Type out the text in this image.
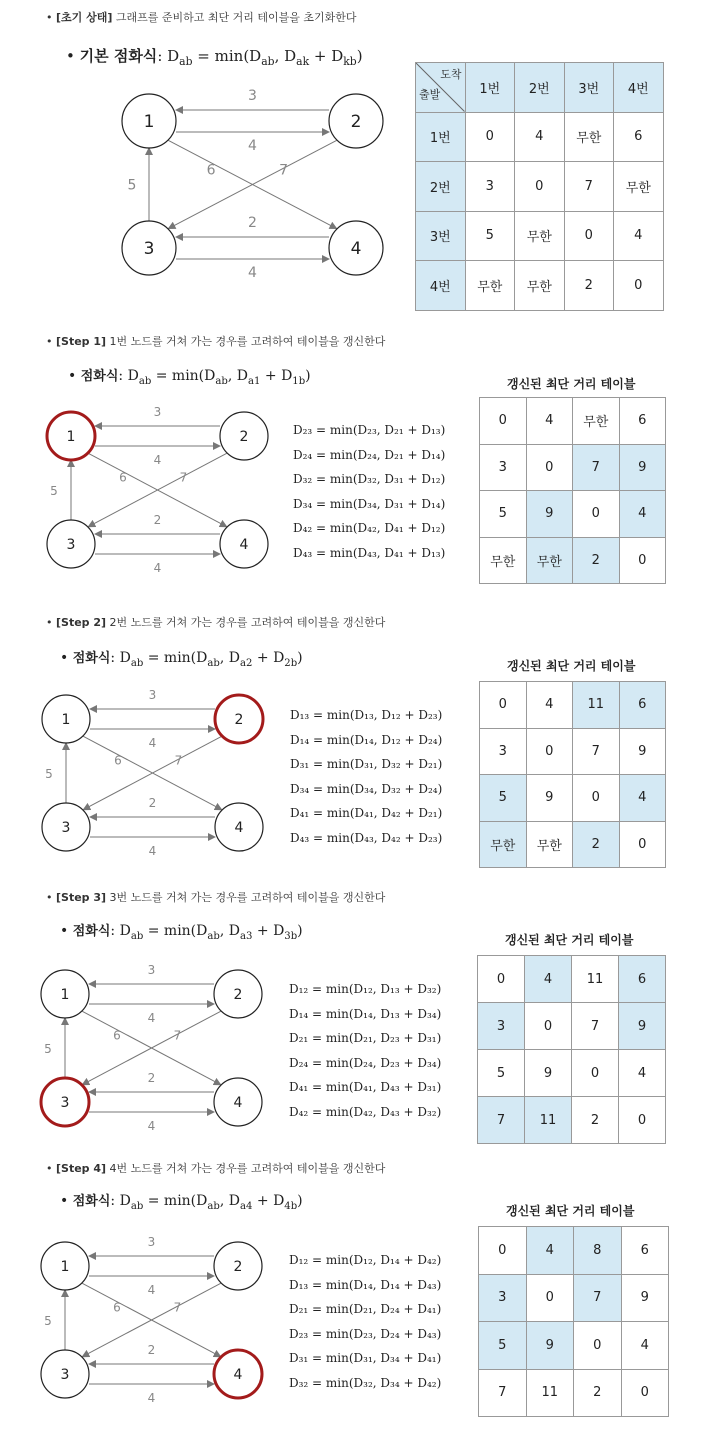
• [초기 상태] 그래프를 준비하고 최단 거리 테이블을 초기화한다
• 기본 점화식: $D_{ab} = \min(D_{ab}$, $D_{ak} + D_{kb}$)
3
4
6	7
5
2
4
1	2
3	4
도착
출발	1번	2번	3번	4번
1번	0	4	무한	6
2번	3	0	7	무한
3번	5	무한	0	4
4번	무한	무한	2	0
• [Step 1] 1번 노드를 거쳐 가는 경우를 고려하여 테이블을 갱신한다
• 점화식: $D_{ab} = \min(D_{ab}$, $D_{a1} + D_{1b}$)
3
4
6	7
5
2
4
1	2
3	4
D₂₃ = min(D₂₃, D₂₁ + D₁₃)
D₂₄ = min(D₂₄, D₂₁ + D₁₄)
D₃₂ = min(D₃₂, D₃₁ + D₁₂)
D₃₄ = min(D₃₄, D₃₁ + D₁₄)
D₄₂ = min(D₄₂, D₄₁ + D₁₂)
D₄₃ = min(D₄₃, D₄₁ + D₁₃)
갱신된 최단 거리 테이블
0	4	무한	6
3	0	7	9
5	9	0	4
무한	무한	2	0
• [Step 2] 2번 노드를 거쳐 가는 경우를 고려하여 테이블을 갱신한다
• 점화식: $D_{ab} = \min(D_{ab}$, $D_{a2} + D_{2b}$)
3
4
6	7
5
2
4
1	2
3	4
D₁₃ = min(D₁₃, D₁₂ + D₂₃)
D₁₄ = min(D₁₄, D₁₂ + D₂₄)
D₃₁ = min(D₃₁, D₃₂ + D₂₁)
D₃₄ = min(D₃₄, D₃₂ + D₂₄)
D₄₁ = min(D₄₁, D₄₂ + D₂₁)
D₄₃ = min(D₄₃, D₄₂ + D₂₃)
갱신된 최단 거리 테이블
0	4	11	6
3	0	7	9
5	9	0	4
무한	무한	2	0
• [Step 3] 3번 노드를 거쳐 가는 경우를 고려하여 테이블을 갱신한다
• 점화식: $D_{ab} = \min(D_{ab}$, $D_{a3} + D_{3b}$)
3
4
6	7
5
2
4
1	2
3	4
D₁₂ = min(D₁₂, D₁₃ + D₃₂)
D₁₄ = min(D₁₄, D₁₃ + D₃₄)
D₂₁ = min(D₂₁, D₂₃ + D₃₁)
D₂₄ = min(D₂₄, D₂₃ + D₃₄)
D₄₁ = min(D₄₁, D₄₃ + D₃₁)
D₄₂ = min(D₄₂, D₄₃ + D₃₂)
갱신된 최단 거리 테이블
0	4	11	6
3	0	7	9
5	9	0	4
7	11	2	0
• [Step 4] 4번 노드를 거쳐 가는 경우를 고려하여 테이블을 갱신한다
• 점화식: $D_{ab} = \min(D_{ab}$, $D_{a4} + D_{4b}$)
3
4
6	7
5
2
4
1	2
3	4
D₁₂ = min(D₁₂, D₁₄ + D₄₂)
D₁₃ = min(D₁₄, D₁₄ + D₄₃)
D₂₁ = min(D₂₁, D₂₄ + D₄₁)
D₂₃ = min(D₂₃, D₂₄ + D₄₃)
D₃₁ = min(D₃₁, D₃₄ + D₄₁)
D₃₂ = min(D₃₂, D₃₄ + D₄₂)
갱신된 최단 거리 테이블
0	4	8	6
3	0	7	9
5	9	0	4
7	11	2	0
